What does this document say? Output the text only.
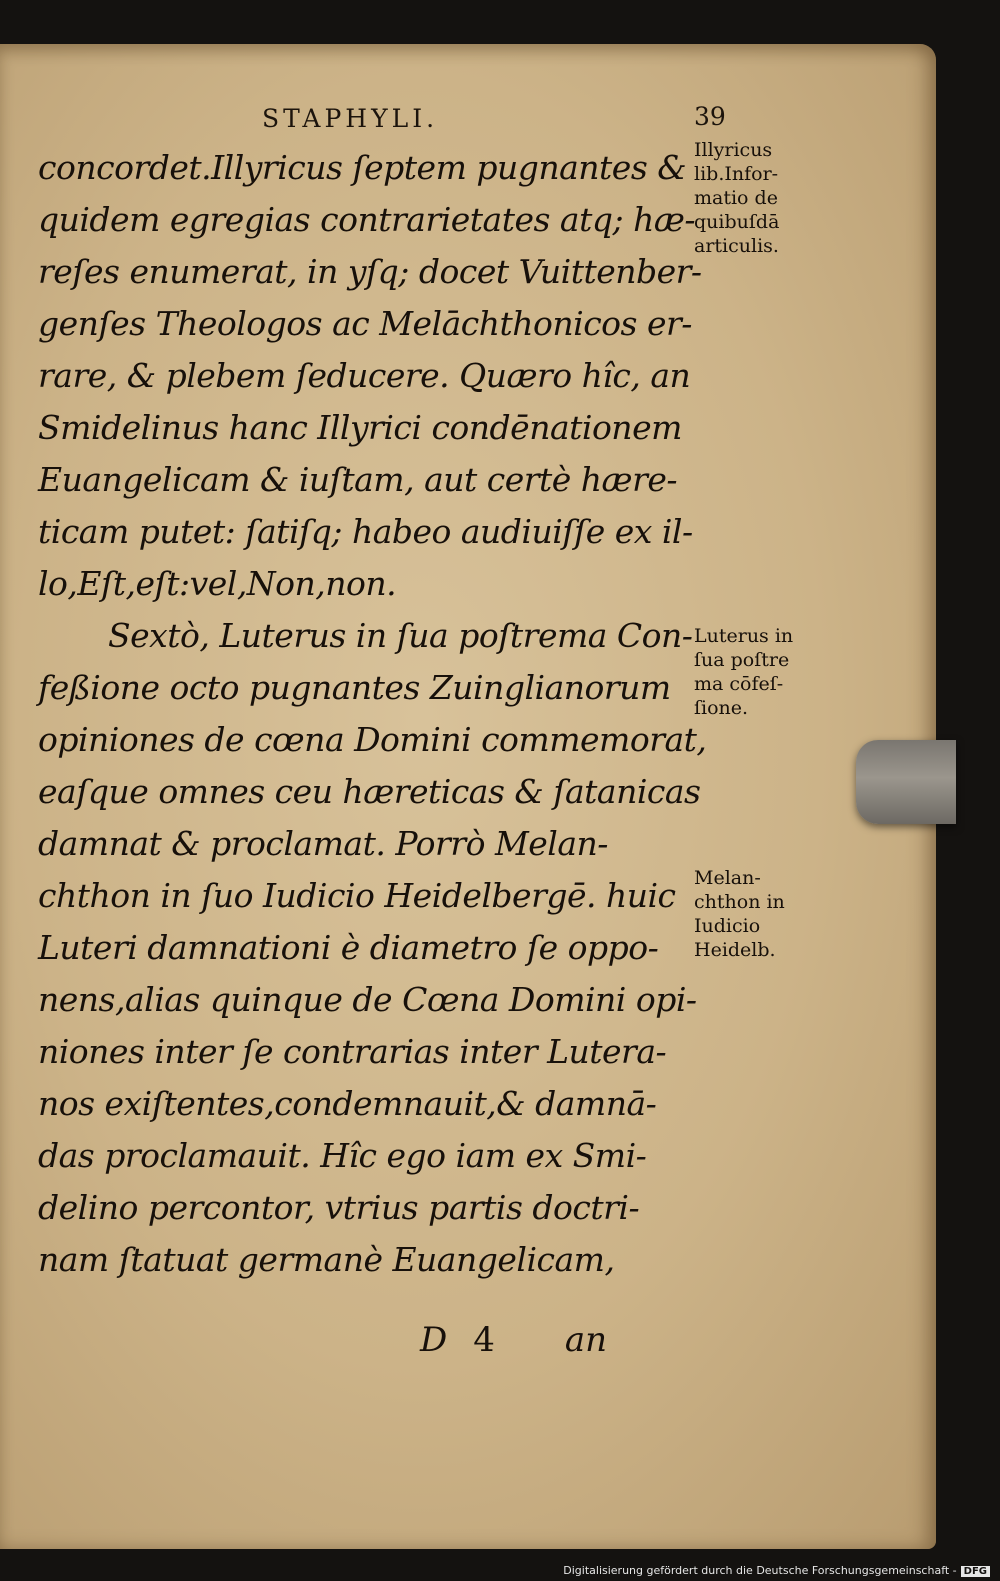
STAPHYLI.	39
concordet.Illyricus ſeptem pugnantes &
quidem egregias contrarietates atq; hæ-
reſes enumerat, in yſq; docet Vuittenber-
genſes Theologos ac Melāchthonicos er-
rare, & plebem ſeducere. Quæro hîc, an
Smidelinus hanc Illyrici condēnationem
Euangelicam & iuſtam, aut certè hære-
ticam putet: ſatiſq; habeo audiuiſſe ex il-
lo,Eſt,eſt:vel,Non,non.
Sextò, Luterus in ſua poſtrema Con-
feßione octo pugnantes Zuinglianorum
opiniones de cœna Domini commemorat,
eaſque omnes ceu hæreticas & ſatanicas
damnat & proclamat. Porrò Melan-
chthon in ſuo Iudicio Heidelbergē. huic
Luteri damnationi è diametro ſe oppo-
nens,alias quinque de Cœna Domini opi-
niones inter ſe contrarias inter Lutera-
nos exiſtentes,condemnauit,& damnā-
das proclamauit. Hîc ego iam ex Smi-
delino percontor, vtrius partis doctri-
nam ſtatuat germanè Euangelicam,
D 4 an
Illyricus
lib.Infor-
matio de
quibuſdā
articulis.
Luterus in
ſua poſtre
ma cōfeſ-
ſione.
Melan-
chthon in
Iudicio
Heidelb.
Digitalisierung gefördert durch die Deutsche Forschungsgemeinschaft - DFG
